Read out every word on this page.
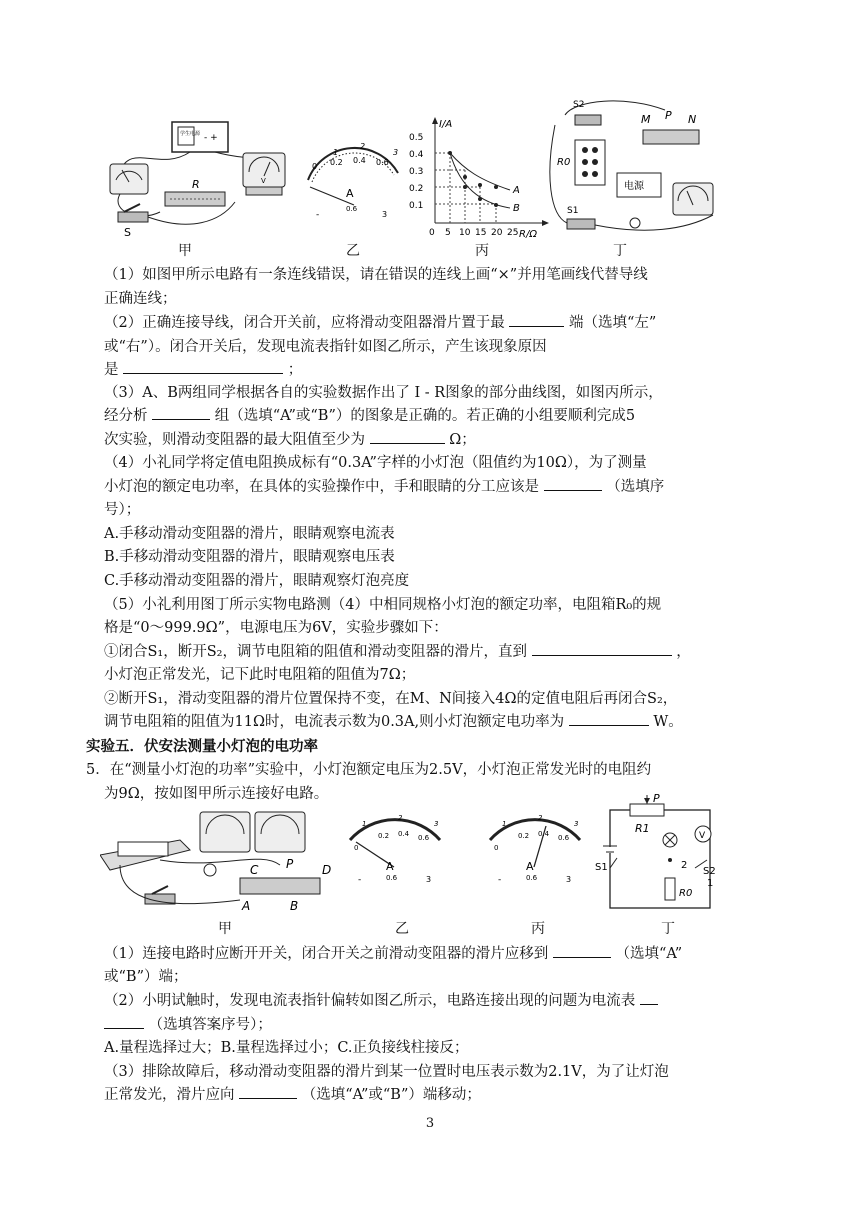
学生电源 - +
R
S
V
甲
0 0.2 0.4 0.6
1
2
3
A
-
0.6
3
乙
I/A
R/Ω
0.5
0.4
0.3
0.2
0.1
0 5 10 15 20 25
A
B
丙
S2
M P N
R0
电源
S1
丁
（1）如图甲所示电路有一条连线错误，请在错误的连线上画“×”并用笔画线代替导线
正确连线；
（2）正确连接导线，闭合开关前，应将滑动变阻器滑片置于最	端（选填“左”
或“右”）。闭合开关后，发现电流表指针如图乙所示，产生该现象原因
是	；
（3）A、B两组同学根据各自的实验数据作出了 I - R图象的部分曲线图，如图丙所示，
经分析	组（选填“A”或“B”）的图象是正确的。若正确的小组要顺利完成5
次实验，则滑动变阻器的最大阻值至少为	Ω；
（4）小礼同学将定值电阻换成标有“0.3A”字样的小灯泡（阻值约为10Ω），为了测量
小灯泡的额定电功率，在具体的实验操作中，手和眼睛的分工应该是	（选填序
号）；
A.手移动滑动变阻器的滑片，眼睛观察电流表
B.手移动滑动变阻器的滑片，眼睛观察电压表
C.手移动滑动变阻器的滑片，眼睛观察灯泡亮度
（5）小礼利用图丁所示实物电路测（4）中相同规格小灯泡的额定功率，电阻箱R₀的规
格是“0～999.9Ω”，电源电压为6V，实验步骤如下：
①闭合S₁，断开S₂，调节电阻箱的阻值和滑动变阻器的滑片，直到	，
小灯泡正常发光，记下此时电阻箱的阻值为7Ω；
②断开S₁，滑动变阻器的滑片位置保持不变，在M、N间接入4Ω的定值电阻后再闭合S₂，
调节电阻箱的阻值为11Ω时，电流表示数为0.3A,则小灯泡额定电功率为	W。
实验五．伏安法测量小灯泡的电功率
5．在“测量小灯泡的功率”实验中，小灯泡额定电压为2.5V，小灯泡正常发光时的电阻约
为9Ω，按如图甲所示连接好电路。
C P D
A	B
甲
0
0.2 0.4 0.6
1
2
3
A
-	0.6	3
乙
0
0.2 0.4 0.6
1
2
3
A
-	0.6	3
丙
P
R1
V
S1	2
S2
1
R0
丁
（1）连接电路时应断开开关，闭合开关之前滑动变阻器的滑片应移到	（选填“A”
或“B”）端；
（2）小明试触时，发现电流表指针偏转如图乙所示，电路连接出现的问题为电流表
（选填答案序号）；
A.量程选择过大；B.量程选择过小；C.正负接线柱接反；
（3）排除故障后，移动滑动变阻器的滑片到某一位置时电压表示数为2.1V，为了让灯泡
正常发光，滑片应向	（选填“A”或“B”）端移动；
3
